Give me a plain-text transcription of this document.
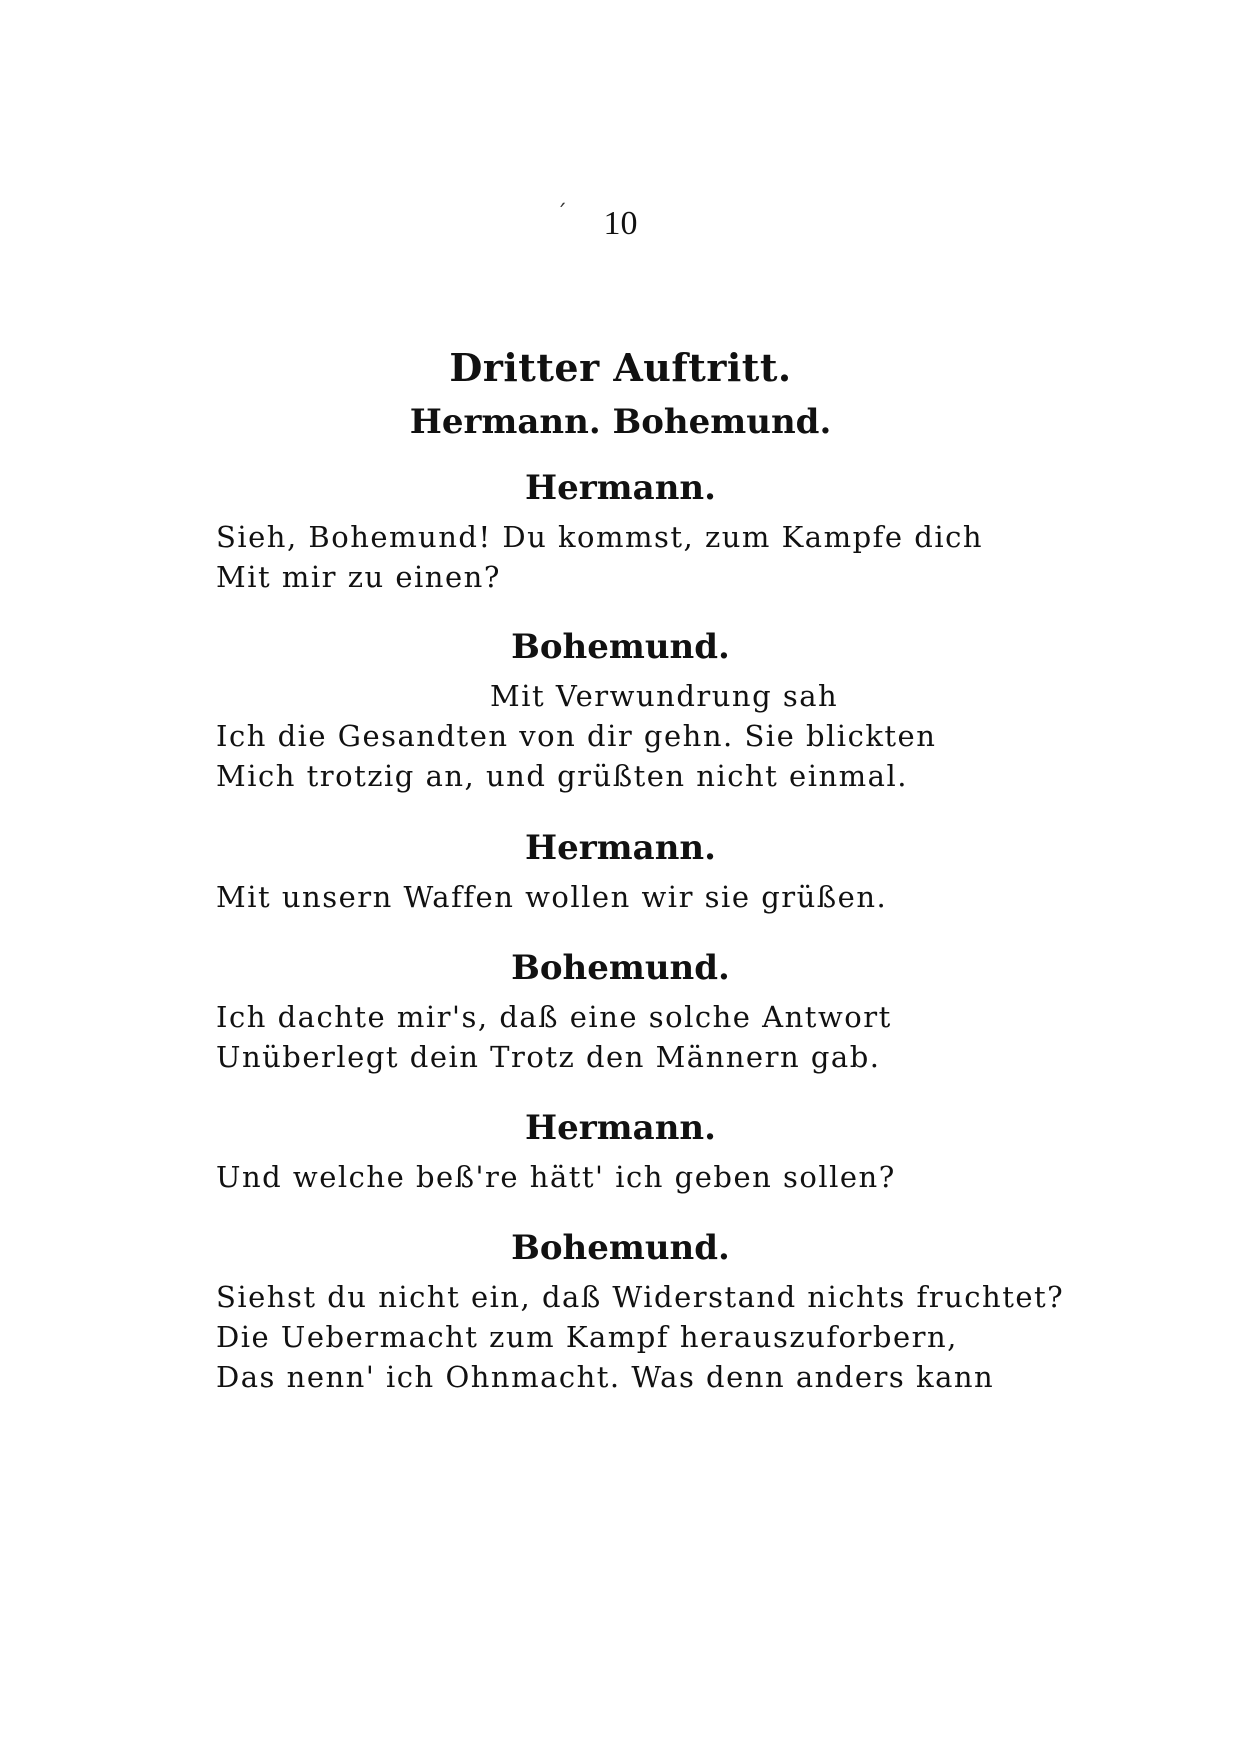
´	10
Dritter Auftritt.
Hermann. Bohemund.
Hermann.
Sieh, Bohemund! Du kommst, zum Kampfe dich
Mit mir zu einen?
Bohemund.
Mit Verwundrung sah
Ich die Gesandten von dir gehn. Sie blickten
Mich trotzig an, und grüßten nicht einmal.
Hermann.
Mit unsern Waffen wollen wir sie grüßen.
Bohemund.
Ich dachte mir's, daß eine solche Antwort
Unüberlegt dein Trotz den Männern gab.
Hermann.
Und welche beß're hätt' ich geben sollen?
Bohemund.
Siehst du nicht ein, daß Widerstand nichts fruchtet?
Die Uebermacht zum Kampf herauszuforbern,
Das nenn' ich Ohnmacht. Was denn anders kann
